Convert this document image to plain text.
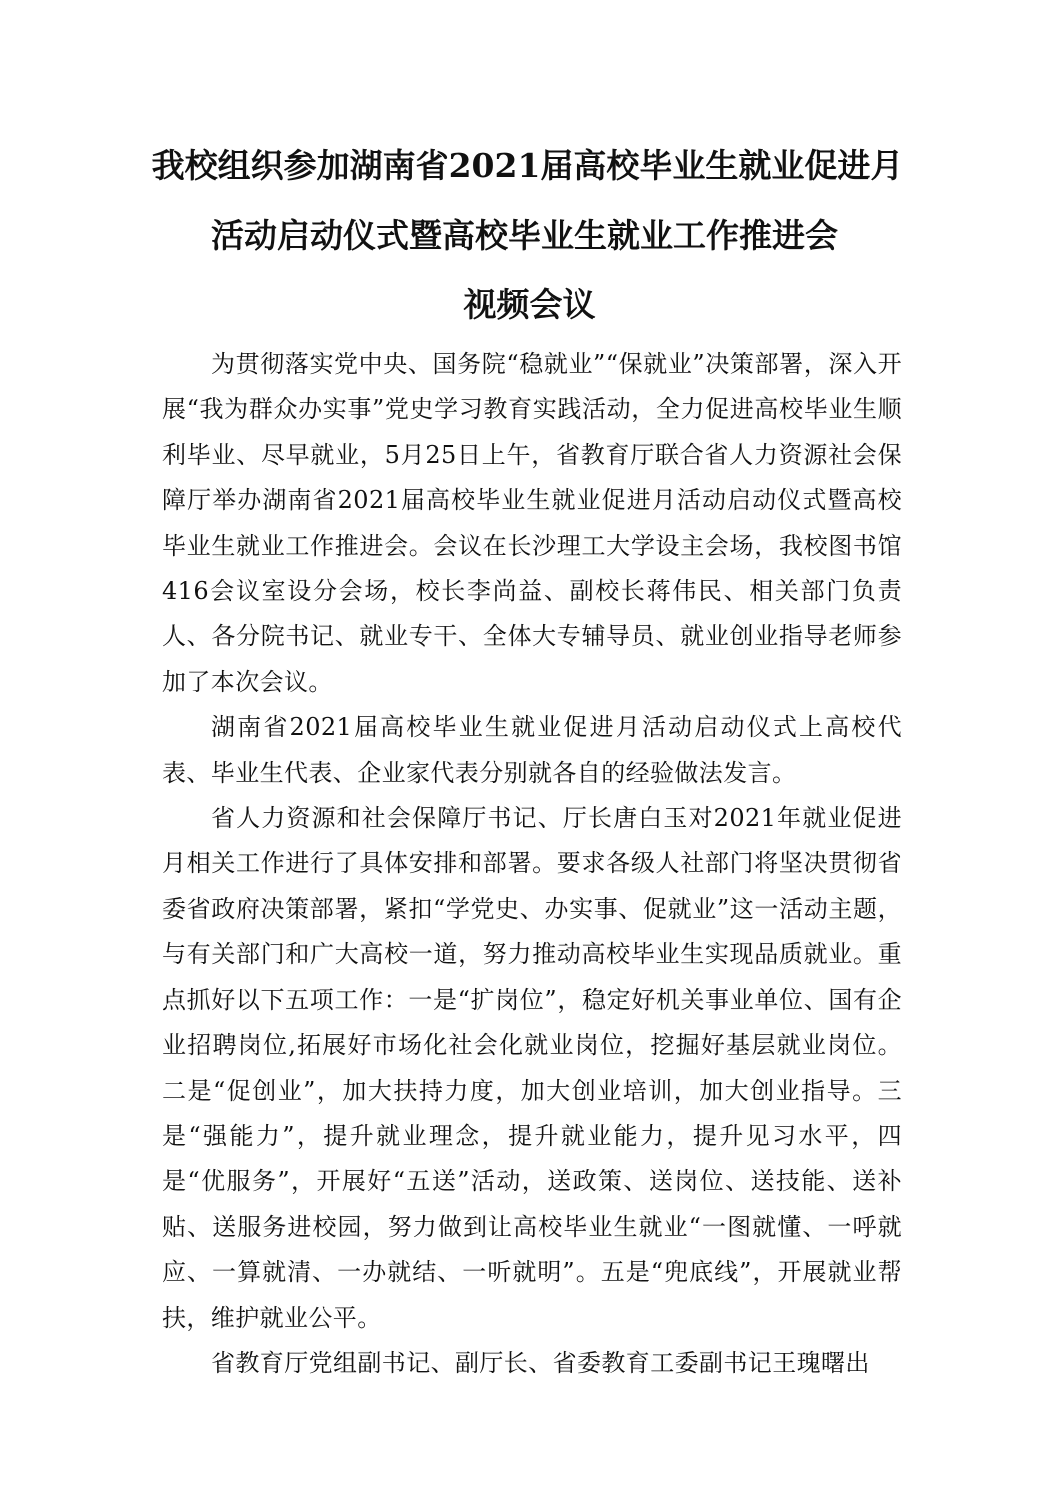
我校组织参加湖南省2021届高校毕业生就业促进月
活动启动仪式暨高校毕业生就业工作推进会
视频会议

为贯彻落实党中央、国务院“稳就业”“保就业”决策部署，深入开展“我为群众办实事”党史学习教育实践活动，全力促进高校毕业生顺利毕业、尽早就业，5月25日上午，省教育厅联合省人力资源社会保障厅举办湖南省2021届高校毕业生就业促进月活动启动仪式暨高校毕业生就业工作推进会。会议在长沙理工大学设主会场，我校图书馆416会议室设分会场，校长李尚益、副校长蒋伟民、相关部门负责人、各分院书记、就业专干、全体大专辅导员、就业创业指导老师参加了本次会议。

湖南省2021届高校毕业生就业促进月活动启动仪式上高校代表、毕业生代表、企业家代表分别就各自的经验做法发言。

省人力资源和社会保障厅书记、厅长唐白玉对2021年就业促进月相关工作进行了具体安排和部署。要求各级人社部门将坚决贯彻省委省政府决策部署，紧扣“学党史、办实事、促就业”这一活动主题，与有关部门和广大高校一道，努力推动高校毕业生实现品质就业。重点抓好以下五项工作：一是“扩岗位”，稳定好机关事业单位、国有企业招聘岗位,拓展好市场化社会化就业岗位，挖掘好基层就业岗位。二是“促创业”，加大扶持力度，加大创业培训，加大创业指导。三是“强能力”，提升就业理念，提升就业能力，提升见习水平，四是“优服务”，开展好“五送”活动，送政策、送岗位、送技能、送补贴、送服务进校园，努力做到让高校毕业生就业“一图就懂、一呼就应、一算就清、一办就结、一听就明”。五是“兜底线”，开展就业帮扶，维护就业公平。

省教育厅党组副书记、副厅长、省委教育工委副书记王瑰曙出
